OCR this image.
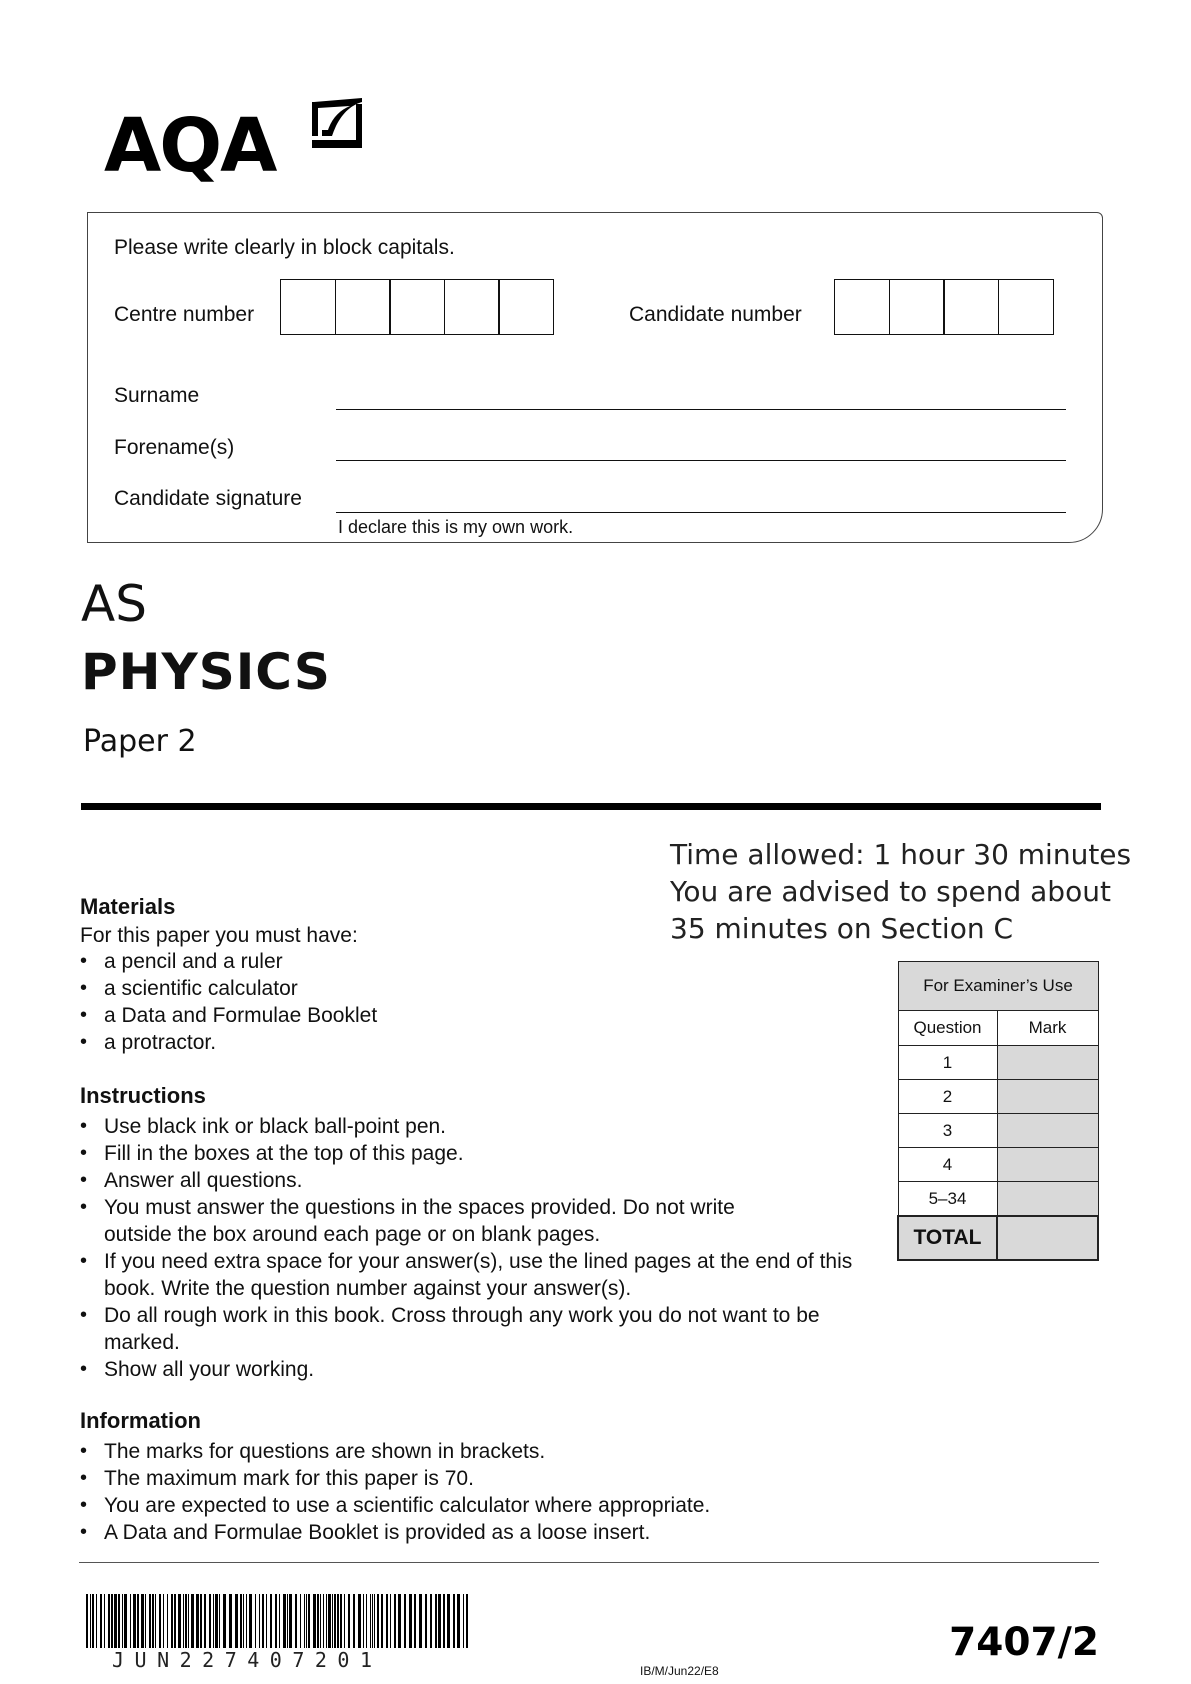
AQA
Please write clearly in block capitals.
Centre number	Candidate number
Surname
Forename(s)
Candidate signature
I declare this is my own work.
AS
PHYSICS
Paper 2
Time allowed: 1 hour 30 minutes
You are advised to spend about
35 minutes on Section C
Materials
For this paper you must have:
• a pencil and a ruler
• a scientific calculator
• a Data and Formulae Booklet
• a protractor.
Instructions
• Use black ink or black ball-point pen.
• Fill in the boxes at the top of this page.
• Answer all questions.
• You must answer the questions in the spaces provided. Do not write outside the box around each page or on blank pages.
• If you need extra space for your answer(s), use the lined pages at the end of this book. Write the question number against your answer(s).
• Do all rough work in this book. Cross through any work you do not want to be marked.
• Show all your working.
Information
• The marks for questions are shown in brackets.
• The maximum mark for this paper is 70.
• You are expected to use a scientific calculator where appropriate.
• A Data and Formulae Booklet is provided as a loose insert.
For Examiner’s Use	
Question	Mark
1	
2	
3	
4	
5–34	
TOTAL	
JUN227407201	IB/M/Jun22/E8
7407/2
